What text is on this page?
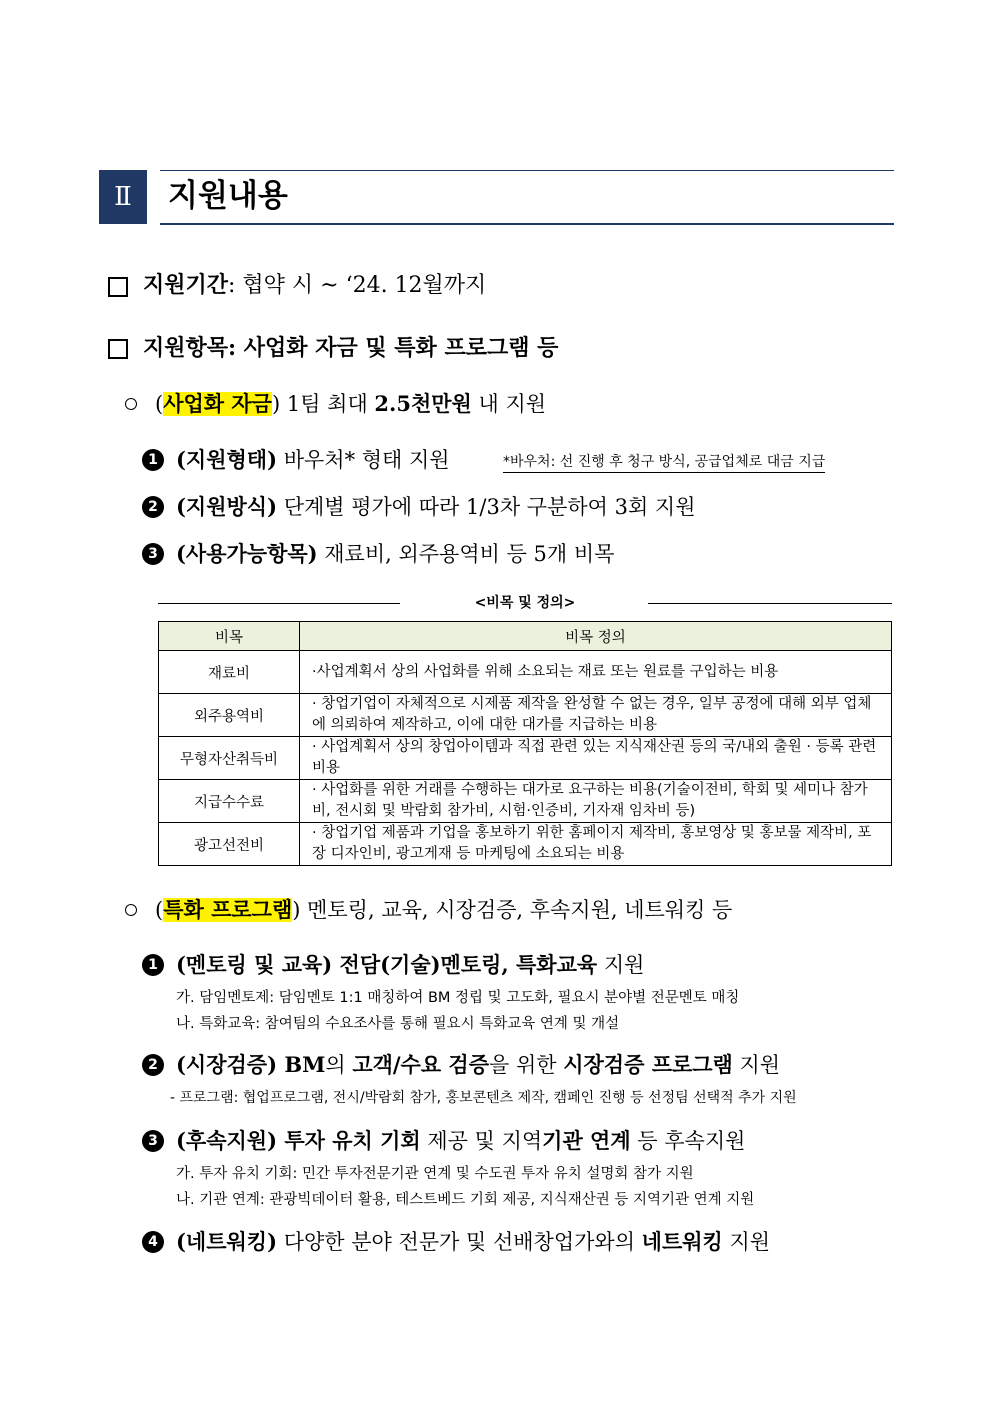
Ⅱ 지원내용
지원기간: 협약 시 ~ ‘24. 12월까지
지원항목: 사업화 자금 및 특화 프로그램 등
(사업화 자금) 1팀 최대 2.5천만원 내 지원
1 (지원형태) 바우처* 형태 지원	*바우처: 선 진행 후 청구 방식, 공급업체로 대금 지급
2 (지원방식) 단계별 평가에 따라 1/3차 구분하여 3회 지원
3 (사용가능항목) 재료비, 외주용역비 등 5개 비목
<비목 및 정의>
비목	비목 정의
재료비	·사업계획서 상의 사업화를 위해 소요되는 재료 또는 원료를 구입하는 비용
외주용역비	· 창업기업이 자체적으로 시제품 제작을 완성할 수 없는 경우, 일부 공정에 대해 외부 업체에 의뢰하여 제작하고, 이에 대한 대가를 지급하는 비용
무형자산취득비	· 사업계획서 상의 창업아이템과 직접 관련 있는 지식재산권 등의 국/내외 출원 · 등록 관련 비용
지급수수료	· 사업화를 위한 거래를 수행하는 대가로 요구하는 비용(기술이전비, 학회 및 세미나 참가비, 전시회 및 박람회 참가비, 시험·인증비, 기자재 임차비 등)
광고선전비	· 창업기업 제품과 기업을 홍보하기 위한 홈페이지 제작비, 홍보영상 및 홍보물 제작비, 포장 디자인비, 광고게재 등 마케팅에 소요되는 비용
(특화 프로그램) 멘토링, 교육, 시장검증, 후속지원, 네트워킹 등
1 (멘토링 및 교육) 전담(기술)멘토링, 특화교육 지원
가. 담임멘토제: 담임멘토 1:1 매칭하여 BM 정립 및 고도화, 필요시 분야별 전문멘토 매칭
나. 특화교육: 참여팀의 수요조사를 통해 필요시 특화교육 연계 및 개설
2 (시장검증) BM의 고객/수요 검증을 위한 시장검증 프로그램 지원
- 프로그램: 협업프로그램, 전시/박람회 참가, 홍보콘텐츠 제작, 캠페인 진행 등 선정팀 선택적 추가 지원
3 (후속지원) 투자 유치 기회 제공 및 지역기관 연계 등 후속지원
가. 투자 유치 기회: 민간 투자전문기관 연계 및 수도권 투자 유치 설명회 참가 지원
나. 기관 연계: 관광빅데이터 활용, 테스트베드 기회 제공, 지식재산권 등 지역기관 연계 지원
4 (네트워킹) 다양한 분야 전문가 및 선배창업가와의 네트워킹 지원
